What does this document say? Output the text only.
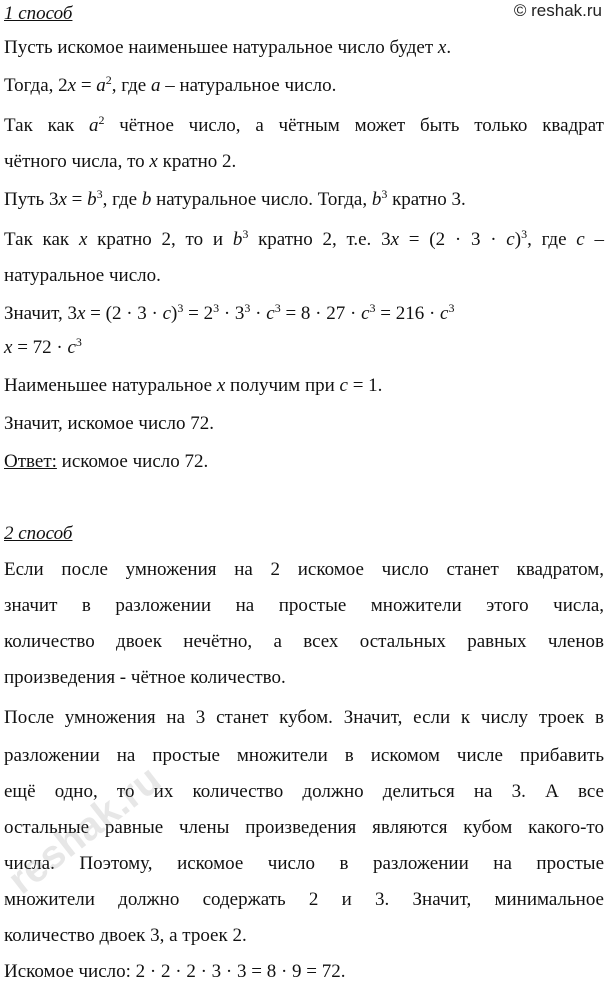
© reshak.ru
1 способ
Пусть искомое наименьшее натуральное число будет x.
Тогда, $2x = a^2$, где a – натуральное число.
Так как $a^2$ чётное число, а чётным может быть только квадрат
чётного числа, то x кратно 2.
Путь $3x = b^3$, где b натуральное число. Тогда, $b^3$ кратно 3.
Так как x кратно 2, то и $b^3$ кратно 2, т.е. $3x = (2 \cdot 3 \cdot c)^3$, где c –
натуральное число.
Значит, $3x = (2 \cdot 3 \cdot c)^3 = 2^3 \cdot 3^3 \cdot c^3 = 8 \cdot 27 \cdot c^3 = 216 \cdot c^3$
$x = 72 \cdot c^3$
Наименьшее натуральное x получим при c = 1.
Значит, искомое число 72.
Ответ: искомое число 72.
2 способ
Если после умножения на 2 искомое число станет квадратом,
значит в разложении на простые множители этого числа,
количество двоек нечётно, а всех остальных равных членов
произведения - чётное количество.
После умножения на 3 станет кубом. Значит, если к числу троек в
разложении на простые множители в искомом числе прибавить
ещё одно, то их количество должно делиться на 3. А все
остальные равные члены произведения являются кубом какого-то
числа. Поэтому, искомое число в разложении на простые
множители должно содержать 2 и 3. Значит, минимальное
количество двоек 3, а троек 2.
Искомое число: 2 · 2 · 2 · 3 · 3 = 8 · 9 = 72.
reshak.ru
